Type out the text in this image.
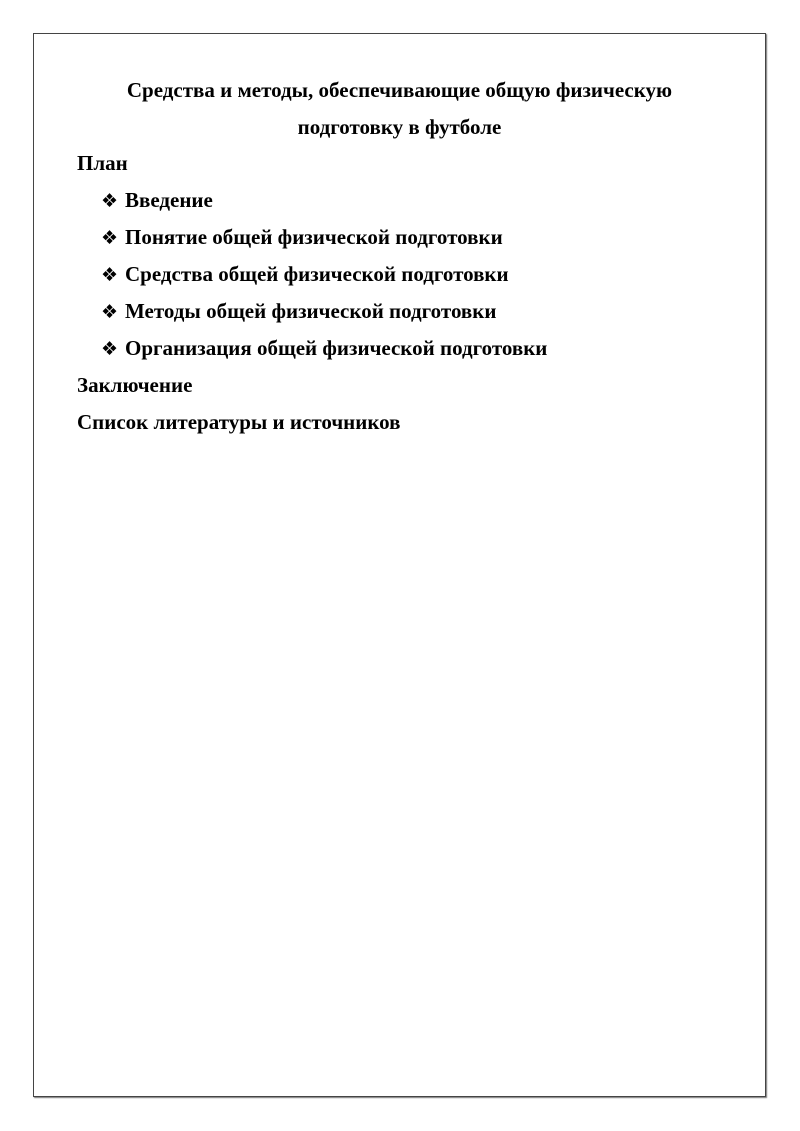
Средства и методы, обеспечивающие общую физическую
подготовку в футболе
План
❖ Введение
❖ Понятие общей физической подготовки
❖ Средства общей физической подготовки
❖ Методы общей физической подготовки
❖ Организация общей физической подготовки
Заключение
Список литературы и источников
